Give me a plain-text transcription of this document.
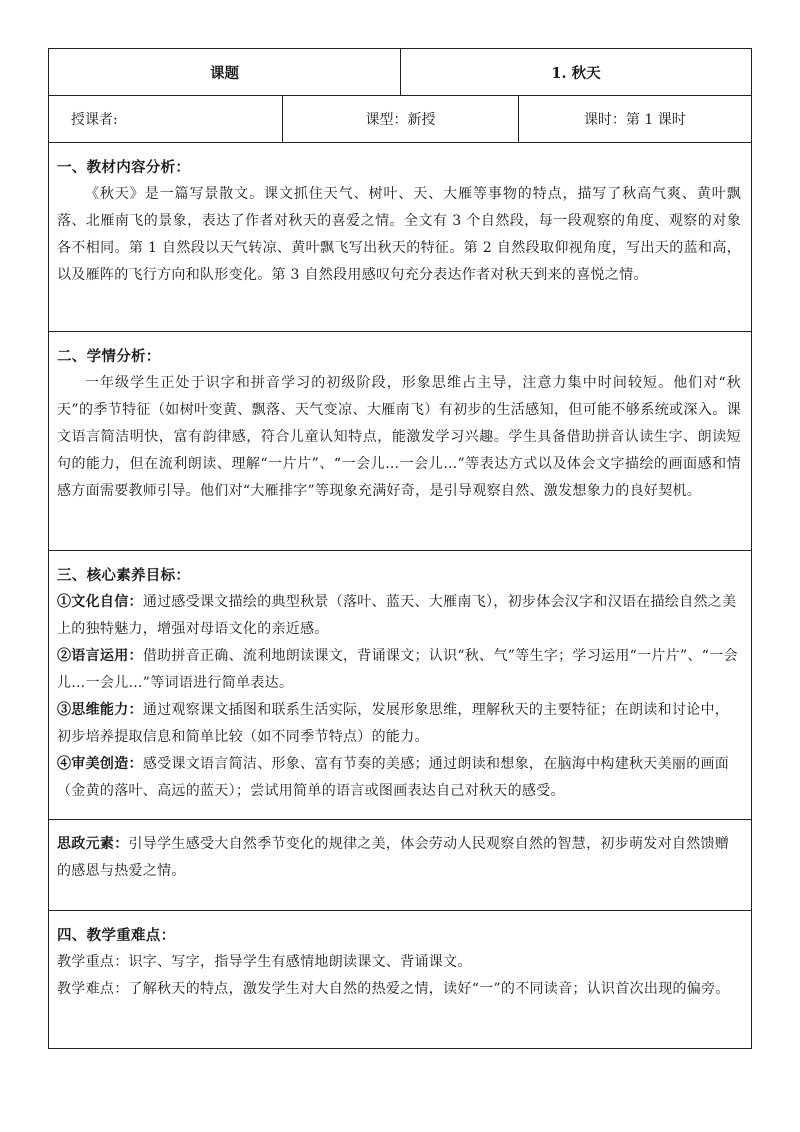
课题	1. 秋天
授课者:	课型：新授	课时：第 1 课时
一、教材内容分析：
《秋天》是一篇写景散文。课文抓住天气、树叶、天、大雁等事物的特点，描写了秋高气爽、黄叶飘落、北雁南飞的景象，表达了作者对秋天的喜爱之情。全文有 3 个自然段，每一段观察的角度、观察的对象各不相同。第 1 自然段以天气转凉、黄叶飘飞写出秋天的特征。第 2 自然段取仰视角度，写出天的蓝和高，以及雁阵的飞行方向和队形变化。第 3 自然段用感叹句充分表达作者对秋天到来的喜悦之情。
二、学情分析：
一年级学生正处于识字和拼音学习的初级阶段，形象思维占主导，注意力集中时间较短。他们对“秋天”的季节特征（如树叶变黄、飘落、天气变凉、大雁南飞）有初步的生活感知，但可能不够系统或深入。课文语言简洁明快，富有韵律感，符合儿童认知特点，能激发学习兴趣。学生具备借助拼音认读生字、朗读短句的能力，但在流利朗读、理解“一片片”、“一会儿…一会儿…”等表达方式以及体会文字描绘的画面感和情感方面需要教师引导。他们对“大雁排字”等现象充满好奇，是引导观察自然、激发想象力的良好契机。
三、核心素养目标：
①文化自信：通过感受课文描绘的典型秋景（落叶、蓝天、大雁南飞），初步体会汉字和汉语在描绘自然之美上的独特魅力，增强对母语文化的亲近感。
②语言运用：借助拼音正确、流利地朗读课文，背诵课文；认识“秋、气”等生字；学习运用“一片片”、“一会儿…一会儿…”等词语进行简单表达。
③思维能力：通过观察课文插图和联系生活实际，发展形象思维，理解秋天的主要特征；在朗读和讨论中，初步培养提取信息和简单比较（如不同季节特点）的能力。
④审美创造：感受课文语言简洁、形象、富有节奏的美感；通过朗读和想象，在脑海中构建秋天美丽的画面（金黄的落叶、高远的蓝天）；尝试用简单的语言或图画表达自己对秋天的感受。
思政元素：引导学生感受大自然季节变化的规律之美，体会劳动人民观察自然的智慧，初步萌发对自然馈赠的感恩与热爱之情。
四、教学重难点：
教学重点：识字、写字，指导学生有感情地朗读课文、背诵课文。
教学难点：了解秋天的特点，激发学生对大自然的热爱之情，读好“一”的不同读音；认识首次出现的偏旁。
